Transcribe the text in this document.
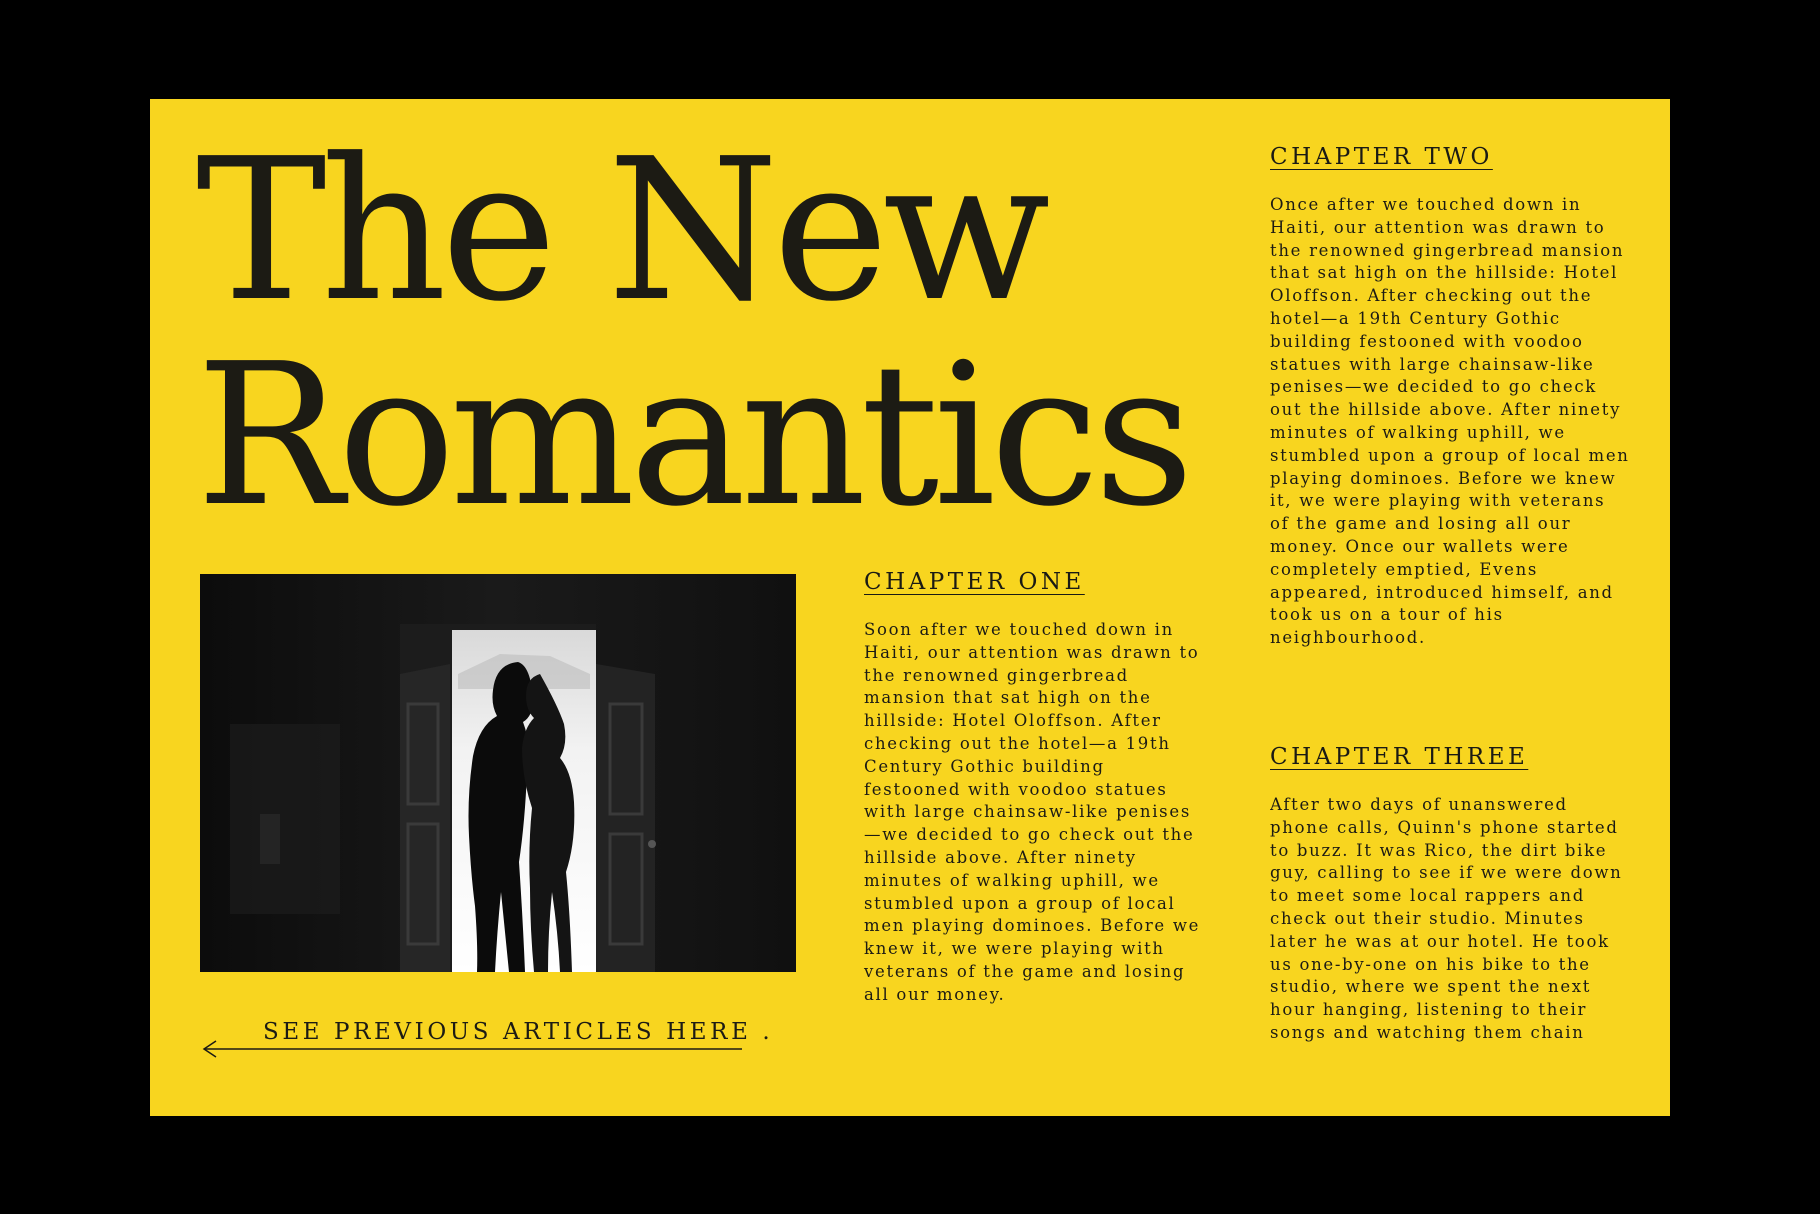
The New
Romantics
CHAPTER ONE

Soon after we touched down in Haiti, our attention was drawn to the renowned gingerbread mansion that sat high on the hillside: Hotel Oloffson. After checking out the hotel—a 19th Century Gothic building festooned with voodoo statues with large chainsaw-like penises—we decided to go check out the hillside above. After ninety minutes of walking uphill, we stumbled upon a group of local men playing dominoes. Before we knew it, we were playing with veterans of the game and losing all our money.

CHAPTER TWO

Once after we touched down in Haiti, our attention was drawn to the renowned gingerbread mansion that sat high on the hillside: Hotel Oloffson. After checking out the hotel—a 19th Century Gothic building festooned with voodoo statues with large chainsaw-like penises—we decided to go check out the hillside above. After ninety minutes of walking uphill, we stumbled upon a group of local men playing dominoes. Before we knew it, we were playing with veterans of the game and losing all our money. Once our wallets were completely emptied, Evens appeared, introduced himself, and took us on a tour of his neighbourhood.

CHAPTER THREE

After two days of unanswered phone calls, Quinn's phone started to buzz. It was Rico, the dirt bike guy, calling to see if we were down to meet some local rappers and check out their studio. Minutes later he was at our hotel. He took us one-by-one on his bike to the studio, where we spent the next hour hanging, listening to their songs and watching them chain

SEE PREVIOUS ARTICLES HERE .
